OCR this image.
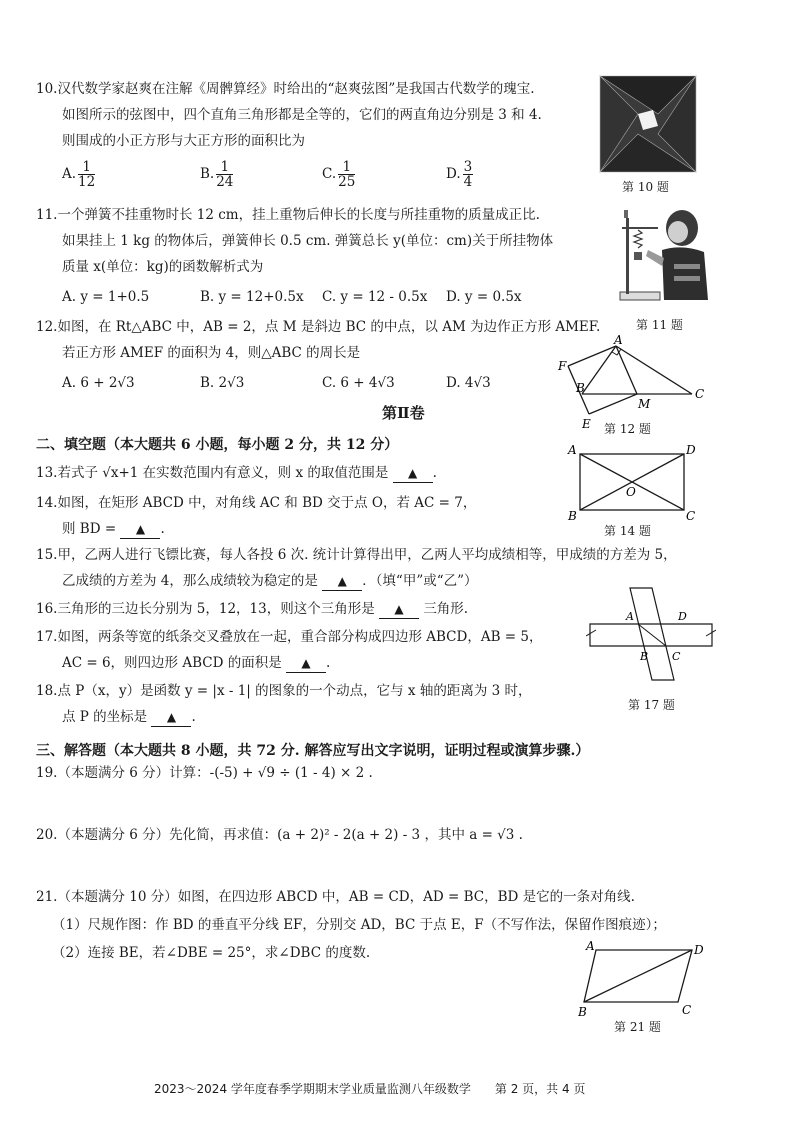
10.汉代数学家赵爽在注解《周髀算经》时给出的“赵爽弦图”是我国古代数学的瑰宝.
如图所示的弦图中，四个直角三角形都是全等的，它们的两直角边分别是 3 和 4.
则围成的小正方形与大正方形的面积比为
A. $\frac{1}{12}$	B. $\frac{1}{24}$	C. $\frac{1}{25}$	D. $\frac{3}{4}$	第 10 题
11.一个弹簧不挂重物时长 12 cm，挂上重物后伸长的长度与所挂重物的质量成正比.
如果挂上 1 kg 的物体后，弹簧伸长 0.5 cm. 弹簧总长 y(单位：cm)关于所挂物体
质量 x(单位：kg)的函数解析式为
A. y = 1+0.5	B. y = 12+0.5x C. y = 12 - 0.5x D. y = 0.5x
第 11 题
12.如图，在 Rt△ABC 中，AB = 2，点 M 是斜边 BC 的中点，以 AM 为边作正方形 AMEF.
若正方形 AMEF 的面积为 4，则△ABC 的周长是
A. 6 + 2√3	B. 2√3	C. 6 + 4√3	D. 4√3
A
F
B
M
C
E 第 12 题
第Ⅱ卷
二、填空题（本大题共 6 小题，每小题 2 分，共 12 分）
13.若式子 √x+1 在实数范围内有意义，则 x 的取值范围是 ▲ .
14.如图，在矩形 ABCD 中，对角线 AC 和 BD 交于点 O，若 AC = 7，
则 BD = ▲ .
A	D
O
B	C
第 14 题
15.甲，乙两人进行飞镖比赛，每人各投 6 次. 统计计算得出甲，乙两人平均成绩相等，甲成绩的方差为 5，
乙成绩的方差为 4，那么成绩较为稳定的是 ▲ ．（填“甲”或“乙”）
16.三角形的三边长分别为 5，12，13，则这个三角形是 ▲ 三角形.
17.如图，两条等宽的纸条交叉叠放在一起，重合部分构成四边形 ABCD，AB = 5，
AC = 6，则四边形 ABCD 的面积是 ▲ .
A	D
B C
第 17 题
18.点 P（x，y）是函数 y = |x - 1| 的图象的一个动点，它与 x 轴的距离为 3 时，
点 P 的坐标是 ▲ .
三、解答题（本大题共 8 小题，共 72 分. 解答应写出文字说明，证明过程或演算步骤.）
19.（本题满分 6 分）计算：-(-5) + √9 ÷ (1 - 4) × 2 .
20.（本题满分 6 分）先化简，再求值：(a + 2)² - 2(a + 2) - 3 ，其中 a = √3 .
21.（本题满分 10 分）如图，在四边形 ABCD 中，AB = CD，AD = BC，BD 是它的一条对角线.
（1）尺规作图：作 BD 的垂直平分线 EF，分别交 AD，BC 于点 E，F（不写作法，保留作图痕迹）；
（2）连接 BE，若∠DBE = 25°，求∠DBC 的度数.	A	D
B	C
第 21 题
2023～2024 学年度春季学期期末学业质量监测八年级数学　　第 2 页，共 4 页
